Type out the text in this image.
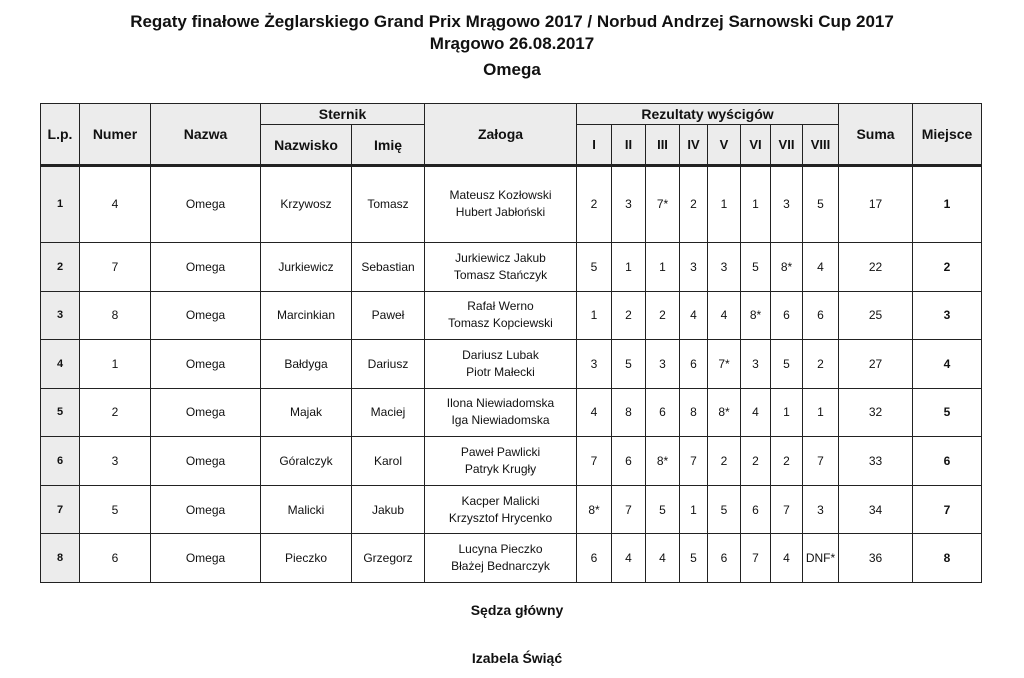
Regaty finałowe Żeglarskiego Grand Prix Mrągowo 2017 / Norbud Andrzej Sarnowski Cup 2017
Mrągowo 26.08.2017
Omega
L.p.	Numer	Nazwa	Sternik		Załoga	Rezultaty wyścigów								Suma	Miejsce
			Nazwisko	Imię		I	II	III	IV	V	VI	VII	VIII		
1	4	Omega	Krzywosz	Tomasz	Mateusz Kozłowski
Hubert Jabłoński	2	3	7*	2	1	1	3	5	17	1
2	7	Omega	Jurkiewicz	Sebastian	Jurkiewicz Jakub
Tomasz Stańczyk	5	1	1	3	3	5	8*	4	22	2
3	8	Omega	Marcinkian	Paweł	Rafał Werno
Tomasz Kopciewski	1	2	2	4	4	8*	6	6	25	3
4	1	Omega	Bałdyga	Dariusz	Dariusz Lubak
Piotr Małecki	3	5	3	6	7*	3	5	2	27	4
5	2	Omega	Majak	Maciej	Ilona Niewiadomska
Iga Niewiadomska	4	8	6	8	8*	4	1	1	32	5
6	3	Omega	Góralczyk	Karol	Paweł Pawlicki
Patryk Krugły	7	6	8*	7	2	2	2	7	33	6
7	5	Omega	Malicki	Jakub	Kacper Malicki
Krzysztof Hrycenko	8*	7	5	1	5	6	7	3	34	7
8	6	Omega	Pieczko	Grzegorz	Lucyna Pieczko
Błażej Bednarczyk	6	4	4	5	6	7	4	DNF*	36	8
Sędza główny
Izabela Świąć
